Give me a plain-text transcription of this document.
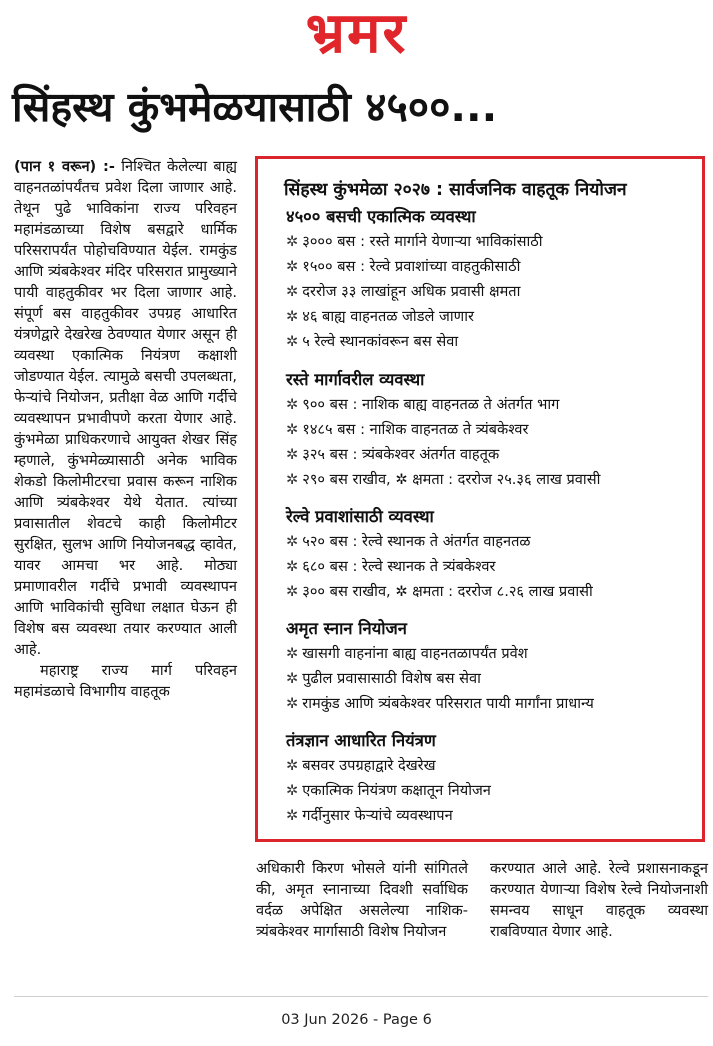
भ्रमर
सिंहस्थ कुंभमेळयासाठी ४५००...

(पान १ वरून) :- निश्चित केलेल्या बाह्य वाहनतळांपर्यंतच प्रवेश दिला जाणार आहे. तेथून पुढे भाविकांना राज्य परिवहन महामंडळाच्या विशेष बसद्वारे धार्मिक परिसरापर्यंत पोहोचविण्यात येईल. रामकुंड आणि त्र्यंबकेश्वर मंदिर परिसरात प्रामुख्याने पायी वाहतुकीवर भर दिला जाणार आहे. संपूर्ण बस वाहतुकीवर उपग्रह आधारित यंत्रणेद्वारे देखरेख ठेवण्यात येणार असून ही व्यवस्था एकात्मिक नियंत्रण कक्षाशी जोडण्यात येईल. त्यामुळे बसची उपलब्धता, फेऱ्यांचे नियोजन, प्रतीक्षा वेळ आणि गर्दीचे व्यवस्थापन प्रभावीपणे करता येणार आहे. कुंभमेळा प्राधिकरणाचे आयुक्त शेखर सिंह म्हणाले, कुंभमेळ्यासाठी अनेक भाविक शेकडो किलोमीटरचा प्रवास करून नाशिक आणि त्र्यंबकेश्वर येथे येतात. त्यांच्या प्रवासातील शेवटचे काही किलोमीटर सुरक्षित, सुलभ आणि नियोजनबद्ध व्हावेत, यावर आमचा भर आहे. मोठ्या प्रमाणावरील गर्दीचे प्रभावी व्यवस्थापन आणि भाविकांची सुविधा लक्षात घेऊन ही विशेष बस व्यवस्था तयार करण्यात आली आहे.

महाराष्ट्र राज्य मार्ग परिवहन महामंडळाचे विभागीय वाहतूक

सिंहस्थ कुंभमेळा २०२७ : सार्वजनिक वाहतूक नियोजन
४५०० बसची एकात्मिक व्यवस्था
✲ ३००० बस : रस्ते मार्गाने येणाऱ्या भाविकांसाठी
✲ १५०० बस : रेल्वे प्रवाशांच्या वाहतुकीसाठी
✲ दररोज ३३ लाखांहून अधिक प्रवासी क्षमता
✲ ४६ बाह्य वाहनतळ जोडले जाणार
✲ ५ रेल्वे स्थानकांवरून बस सेवा
रस्ते मार्गावरील व्यवस्था
✲ ९०० बस : नाशिक बाह्य वाहनतळ ते अंतर्गत भाग
✲ १४८५ बस : नाशिक वाहनतळ ते त्र्यंबकेश्वर
✲ ३२५ बस : त्र्यंबकेश्वर अंतर्गत वाहतूक
✲ २९० बस राखीव, ✲ क्षमता : दररोज २५.३६ लाख प्रवासी
रेल्वे प्रवाशांसाठी व्यवस्था
✲ ५२० बस : रेल्वे स्थानक ते अंतर्गत वाहनतळ
✲ ६८० बस : रेल्वे स्थानक ते त्र्यंबकेश्वर
✲ ३०० बस राखीव, ✲ क्षमता : दररोज ८.२६ लाख प्रवासी
अमृत स्नान नियोजन
✲ खासगी वाहनांना बाह्य वाहनतळापर्यंत प्रवेश
✲ पुढील प्रवासासाठी विशेष बस सेवा
✲ रामकुंड आणि त्र्यंबकेश्वर परिसरात पायी मार्गांना प्राधान्य
तंत्रज्ञान आधारित नियंत्रण
✲ बसवर उपग्रहाद्वारे देखरेख
✲ एकात्मिक नियंत्रण कक्षातून नियोजन
✲ गर्दीनुसार फेऱ्यांचे व्यवस्थापन
अधिकारी किरण भोसले यांनी सांगितले की, अमृत स्नानाच्या दिवशी सर्वाधिक वर्दळ अपेक्षित असलेल्या नाशिक-त्र्यंबकेश्वर मार्गासाठी विशेष नियोजन
करण्यात आले आहे. रेल्वे प्रशासनाकडून करण्यात येणाऱ्या विशेष रेल्वे नियोजनाशी समन्वय साधून वाहतूक व्यवस्था राबविण्यात येणार आहे.
03 Jun 2026 - Page 6
